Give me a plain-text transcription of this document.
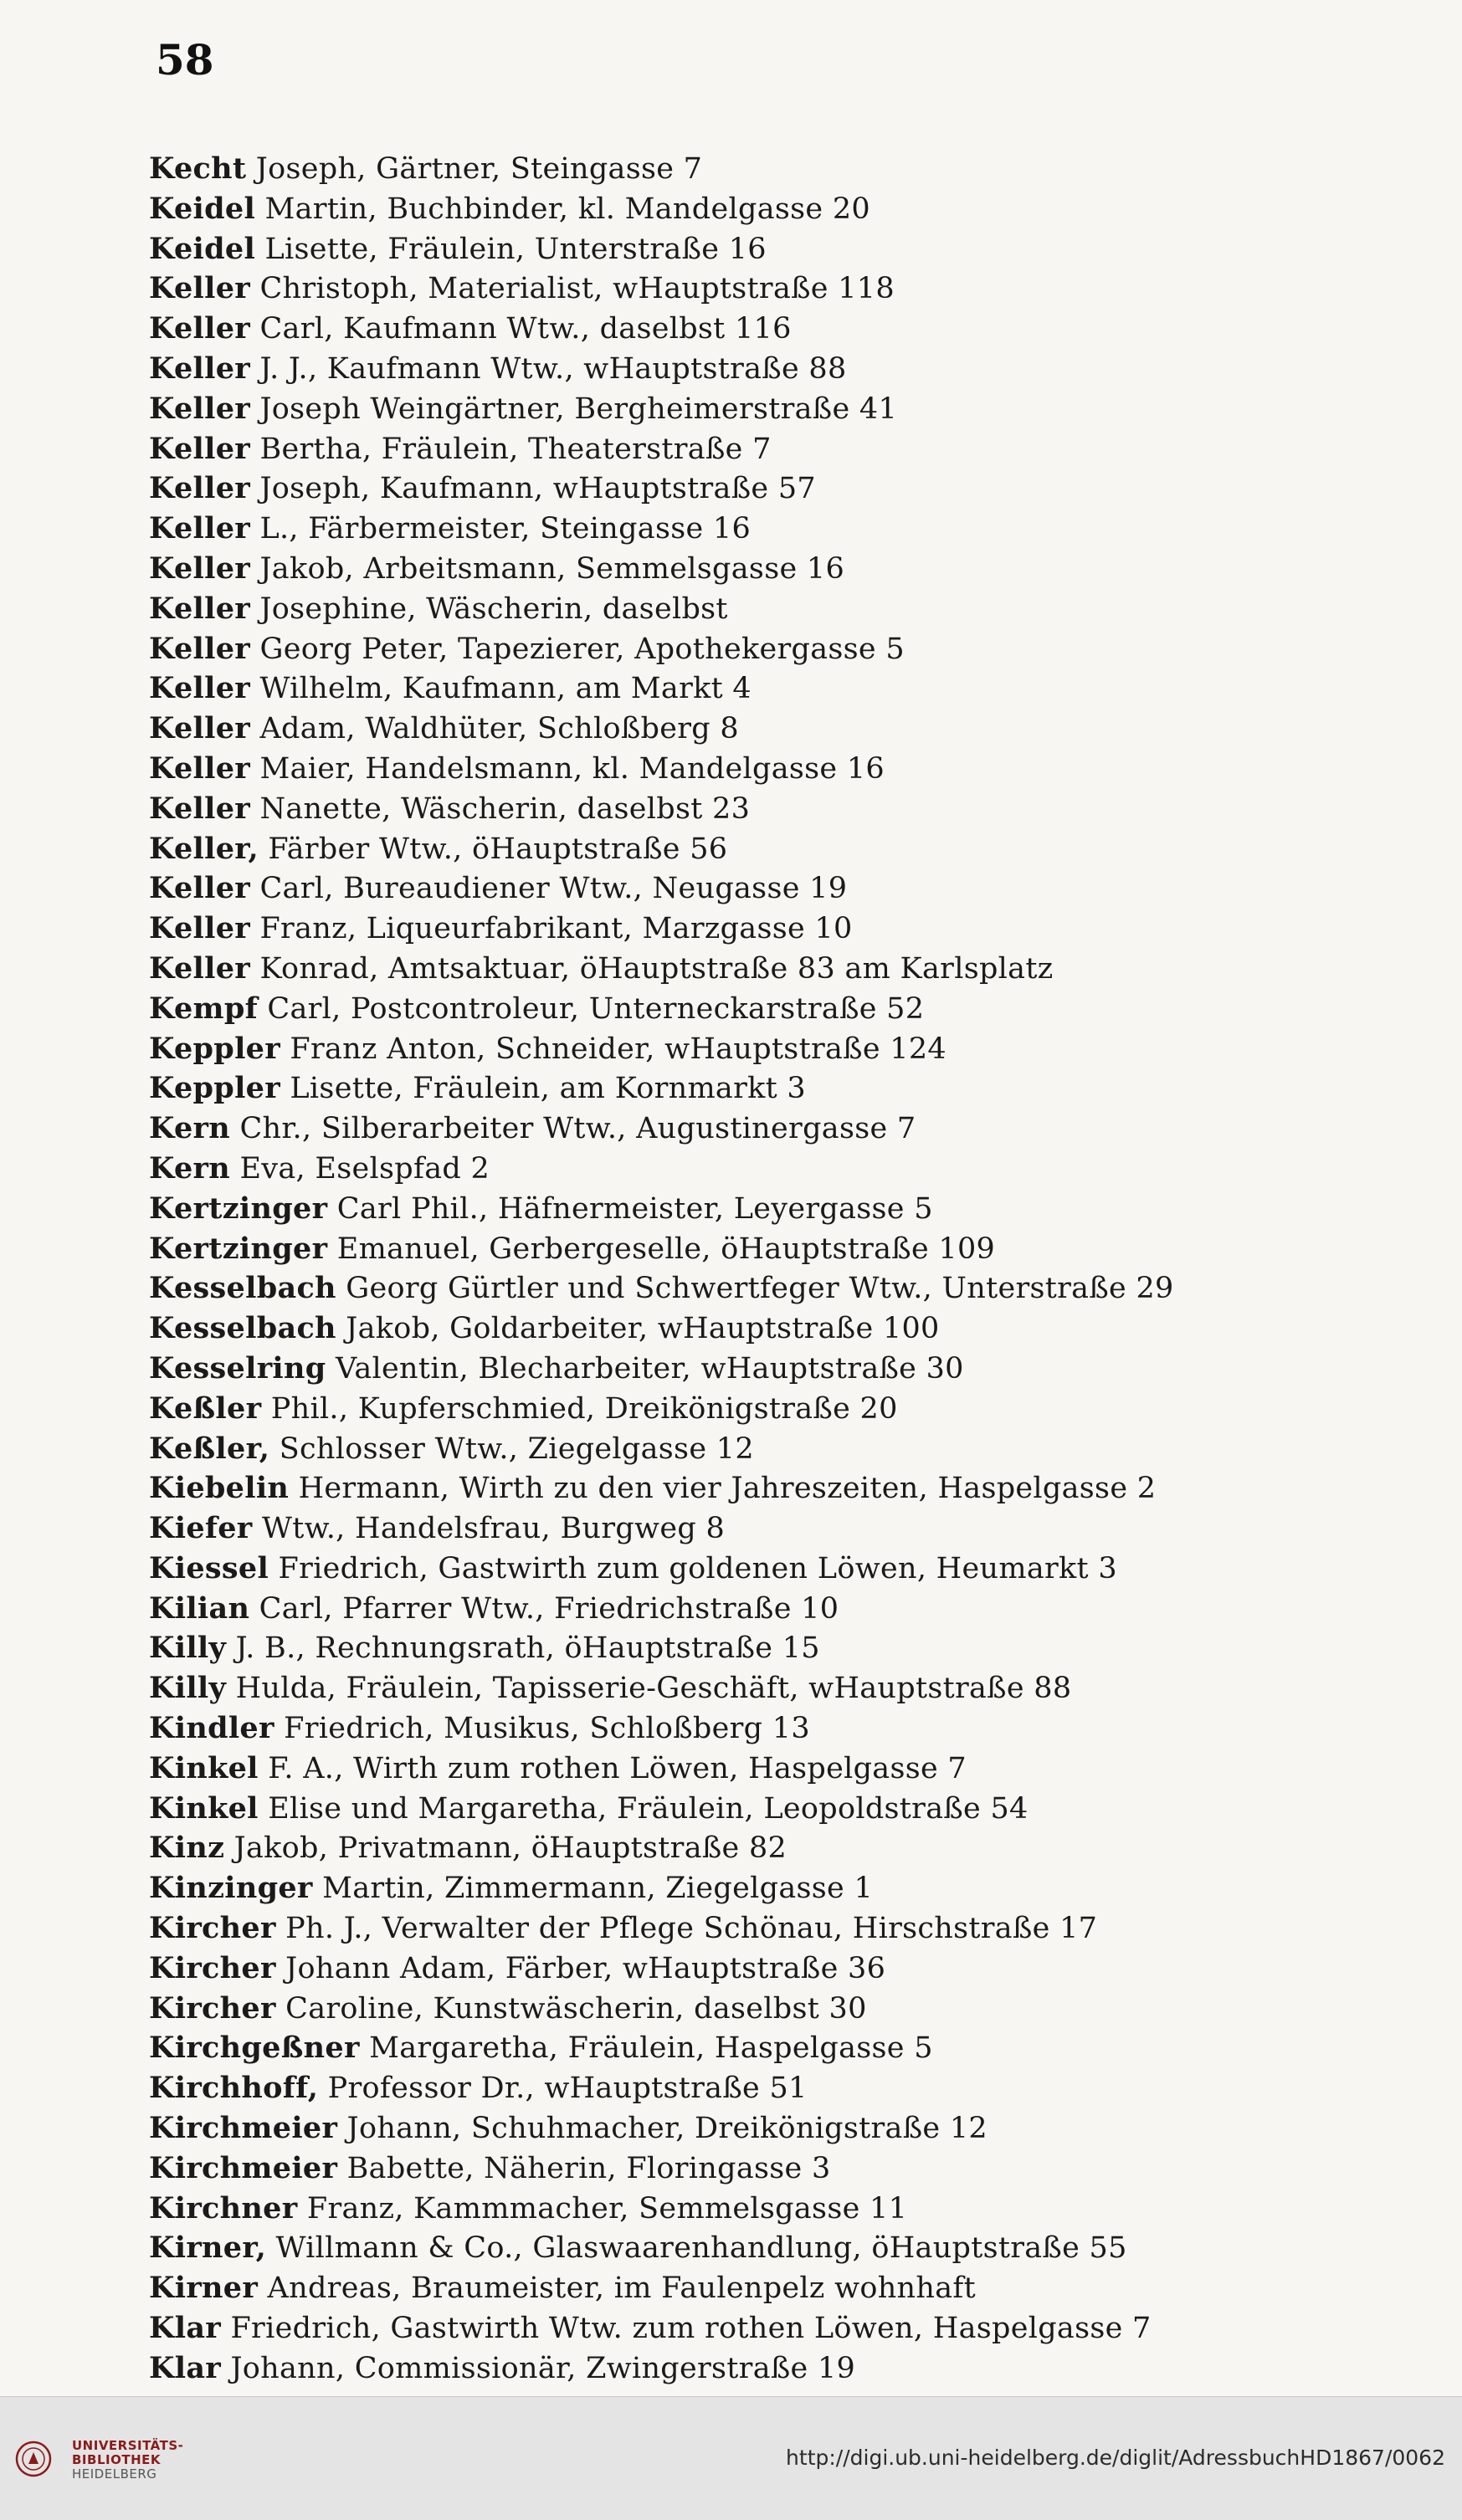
58
Kecht Joseph, Gärtner, Steingasse 7
Keidel Martin, Buchbinder, kl. Mandelgasse 20
Keidel Lisette, Fräulein, Unterstraße 16
Keller Christoph, Materialist, wHauptstraße 118
Keller Carl, Kaufmann Wtw., daselbst 116
Keller J. J., Kaufmann Wtw., wHauptstraße 88
Keller Joseph Weingärtner, Bergheimerstraße 41
Keller Bertha, Fräulein, Theaterstraße 7
Keller Joseph, Kaufmann, wHauptstraße 57
Keller L., Färbermeister, Steingasse 16
Keller Jakob, Arbeitsmann, Semmelsgasse 16
Keller Josephine, Wäscherin, daselbst
Keller Georg Peter, Tapezierer, Apothekergasse 5
Keller Wilhelm, Kaufmann, am Markt 4
Keller Adam, Waldhüter, Schloßberg 8
Keller Maier, Handelsmann, kl. Mandelgasse 16
Keller Nanette, Wäscherin, daselbst 23
Keller, Färber Wtw., öHauptstraße 56
Keller Carl, Bureaudiener Wtw., Neugasse 19
Keller Franz, Liqueurfabrikant, Marzgasse 10
Keller Konrad, Amtsaktuar, öHauptstraße 83 am Karlsplatz
Kempf Carl, Postcontroleur, Unterneckarstraße 52
Keppler Franz Anton, Schneider, wHauptstraße 124
Keppler Lisette, Fräulein, am Kornmarkt 3
Kern Chr., Silberarbeiter Wtw., Augustinergasse 7
Kern Eva, Eselspfad 2
Kertzinger Carl Phil., Häfnermeister, Leyergasse 5
Kertzinger Emanuel, Gerbergeselle, öHauptstraße 109
Kesselbach Georg Gürtler und Schwertfeger Wtw., Unterstraße 29
Kesselbach Jakob, Goldarbeiter, wHauptstraße 100
Kesselring Valentin, Blecharbeiter, wHauptstraße 30
Keßler Phil., Kupferschmied, Dreikönigstraße 20
Keßler, Schlosser Wtw., Ziegelgasse 12
Kiebelin Hermann, Wirth zu den vier Jahreszeiten, Haspelgasse 2
Kiefer Wtw., Handelsfrau, Burgweg 8
Kiessel Friedrich, Gastwirth zum goldenen Löwen, Heumarkt 3
Kilian Carl, Pfarrer Wtw., Friedrichstraße 10
Killy J. B., Rechnungsrath, öHauptstraße 15
Killy Hulda, Fräulein, Tapisserie-Geschäft, wHauptstraße 88
Kindler Friedrich, Musikus, Schloßberg 13
Kinkel F. A., Wirth zum rothen Löwen, Haspelgasse 7
Kinkel Elise und Margaretha, Fräulein, Leopoldstraße 54
Kinz Jakob, Privatmann, öHauptstraße 82
Kinzinger Martin, Zimmermann, Ziegelgasse 1
Kircher Ph. J., Verwalter der Pflege Schönau, Hirschstraße 17
Kircher Johann Adam, Färber, wHauptstraße 36
Kircher Caroline, Kunstwäscherin, daselbst 30
Kirchgeßner Margaretha, Fräulein, Haspelgasse 5
Kirchhoff, Professor Dr., wHauptstraße 51
Kirchmeier Johann, Schuhmacher, Dreikönigstraße 12
Kirchmeier Babette, Näherin, Floringasse 3
Kirchner Franz, Kammmacher, Semmelsgasse 11
Kirner, Willmann & Co., Glaswaarenhandlung, öHauptstraße 55
Kirner Andreas, Braumeister, im Faulenpelz wohnhaft
Klar Friedrich, Gastwirth Wtw. zum rothen Löwen, Haspelgasse 7
Klar Johann, Commissionär, Zwingerstraße 19
UNIVERSITÄTS-
BIBLIOTHEK
HEIDELBERG
http://digi.ub.uni-heidelberg.de/diglit/AdressbuchHD1867/0062
